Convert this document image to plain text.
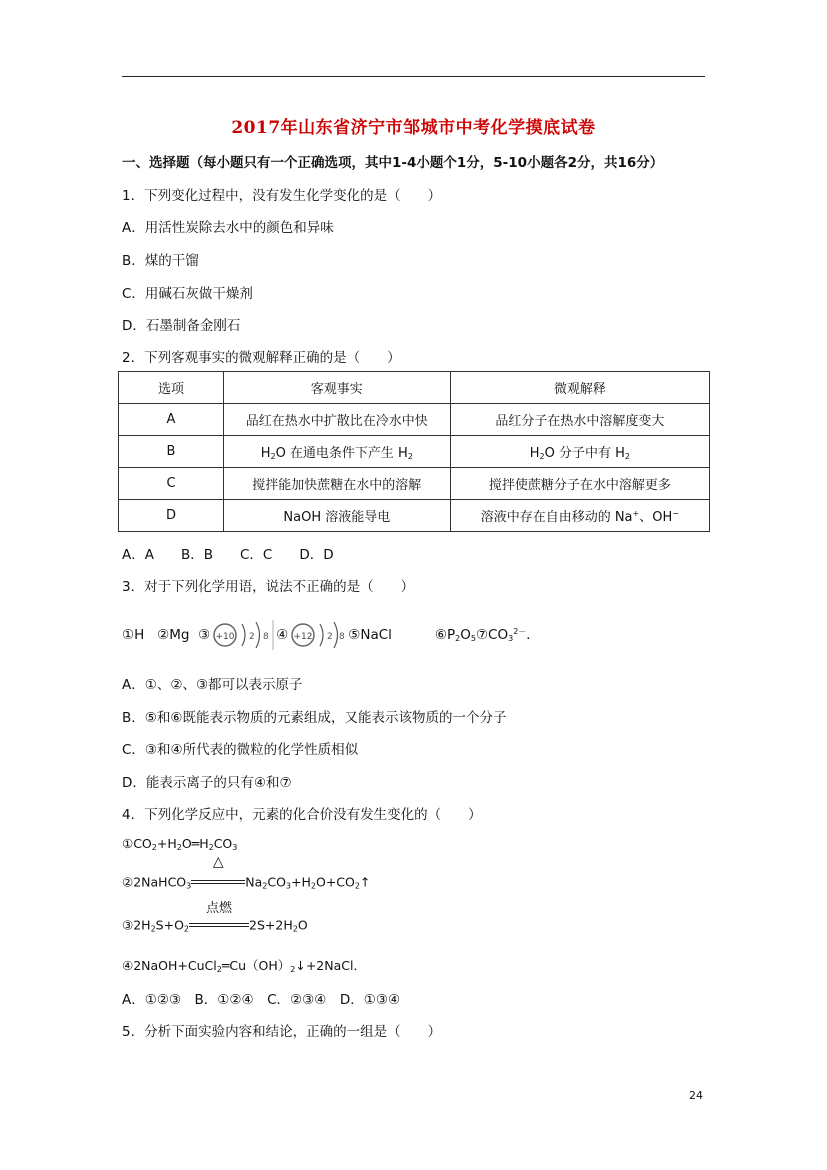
2017年山东省济宁市邹城市中考化学摸底试卷
一、选择题（每小题只有一个正确选项，其中1-4小题个1分，5-10小题各2分，共16分）
1．下列变化过程中，没有发生化学变化的是（　　）
A．用活性炭除去水中的颜色和异味
B．煤的干馏
C．用碱石灰做干燥剂
D．石墨制备金刚石
2．下列客观事实的微观解释正确的是（　　）
选项	客观事实	微观解释
A	品红在热水中扩散比在冷水中快	品红分子在热水中溶解度变大
B	$H_2O$ 在通电条件下产生 $H_2$	$H_2O$ 分子中有 $H_2$
C	搅拌能加快蔗糖在水中的溶解	搅拌使蔗糖分子在水中溶解更多
D	NaOH 溶液能导电	溶液中存在自由移动的 Na+、OH−
A．A　　B．B　　C．C　　D．D
3．对于下列化学用语，说法不正确的是（　　）
①H ②Mg ③ +10 2 8 ④ +12 2 8 ⑤NaCl	$⑥P_2O_5⑦CO_3^{2-}$．
A．①、②、③都可以表示原子
B．⑤和⑥既能表示物质的元素组成，又能表示该物质的一个分子
C．③和④所代表的微粒的化学性质相似
D．能表示离子的只有④和⑦
4．下列化学反应中，元素的化合价没有发生变化的（　　）
$①CO_2+H_2O═H_2CO_3$
②2NaHCO$_3$
△
$Na_2CO_3+H_2O+CO_2↑$
$③2H_2S+O_2$
点燃
$2S+2H_2O$
$④2NaOH+CuCl_2═Cu(OH)_2↓+2NaCl$．
A．①②③　B．①②④　C．②③④　D．①③④
5．分析下面实验内容和结论，正确的一组是（　　）
24
